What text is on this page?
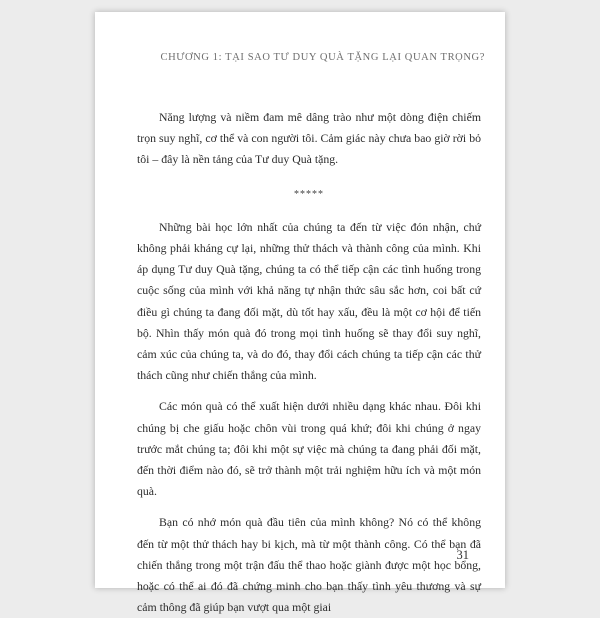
CHƯƠNG 1: TẠI SAO TƯ DUY QUÀ TẶNG LẠI QUAN TRỌNG?

Năng lượng và niềm đam mê dâng trào như một dòng điện chiếm trọn suy nghĩ, cơ thể và con người tôi. Cảm giác này chưa bao giờ rời bỏ tôi – đây là nền tảng của Tư duy Quà tặng.

*****

Những bài học lớn nhất của chúng ta đến từ việc đón nhận, chứ không phải kháng cự lại, những thử thách và thành công của mình. Khi áp dụng Tư duy Quà tặng, chúng ta có thể tiếp cận các tình huống trong cuộc sống của mình với khả năng tự nhận thức sâu sắc hơn, coi bất cứ điều gì chúng ta đang đối mặt, dù tốt hay xấu, đều là một cơ hội để tiến bộ. Nhìn thấy món quà đó trong mọi tình huống sẽ thay đổi suy nghĩ, cảm xúc của chúng ta, và do đó, thay đổi cách chúng ta tiếp cận các thử thách cũng như chiến thắng của mình.

Các món quà có thể xuất hiện dưới nhiều dạng khác nhau. Đôi khi chúng bị che giấu hoặc chôn vùi trong quá khứ; đôi khi chúng ở ngay trước mắt chúng ta; đôi khi một sự việc mà chúng ta đang phải đối mặt, đến thời điểm nào đó, sẽ trở thành một trải nghiệm hữu ích và một món quà.

Bạn có nhớ món quà đầu tiên của mình không? Nó có thể không đến từ một thử thách hay bi kịch, mà từ một thành công. Có thể bạn đã chiến thắng trong một trận đấu thể thao hoặc giành được một học bổng, hoặc có thể ai đó đã chứng minh cho bạn thấy tình yêu thương và sự cảm thông đã giúp bạn vượt qua một giai

31
